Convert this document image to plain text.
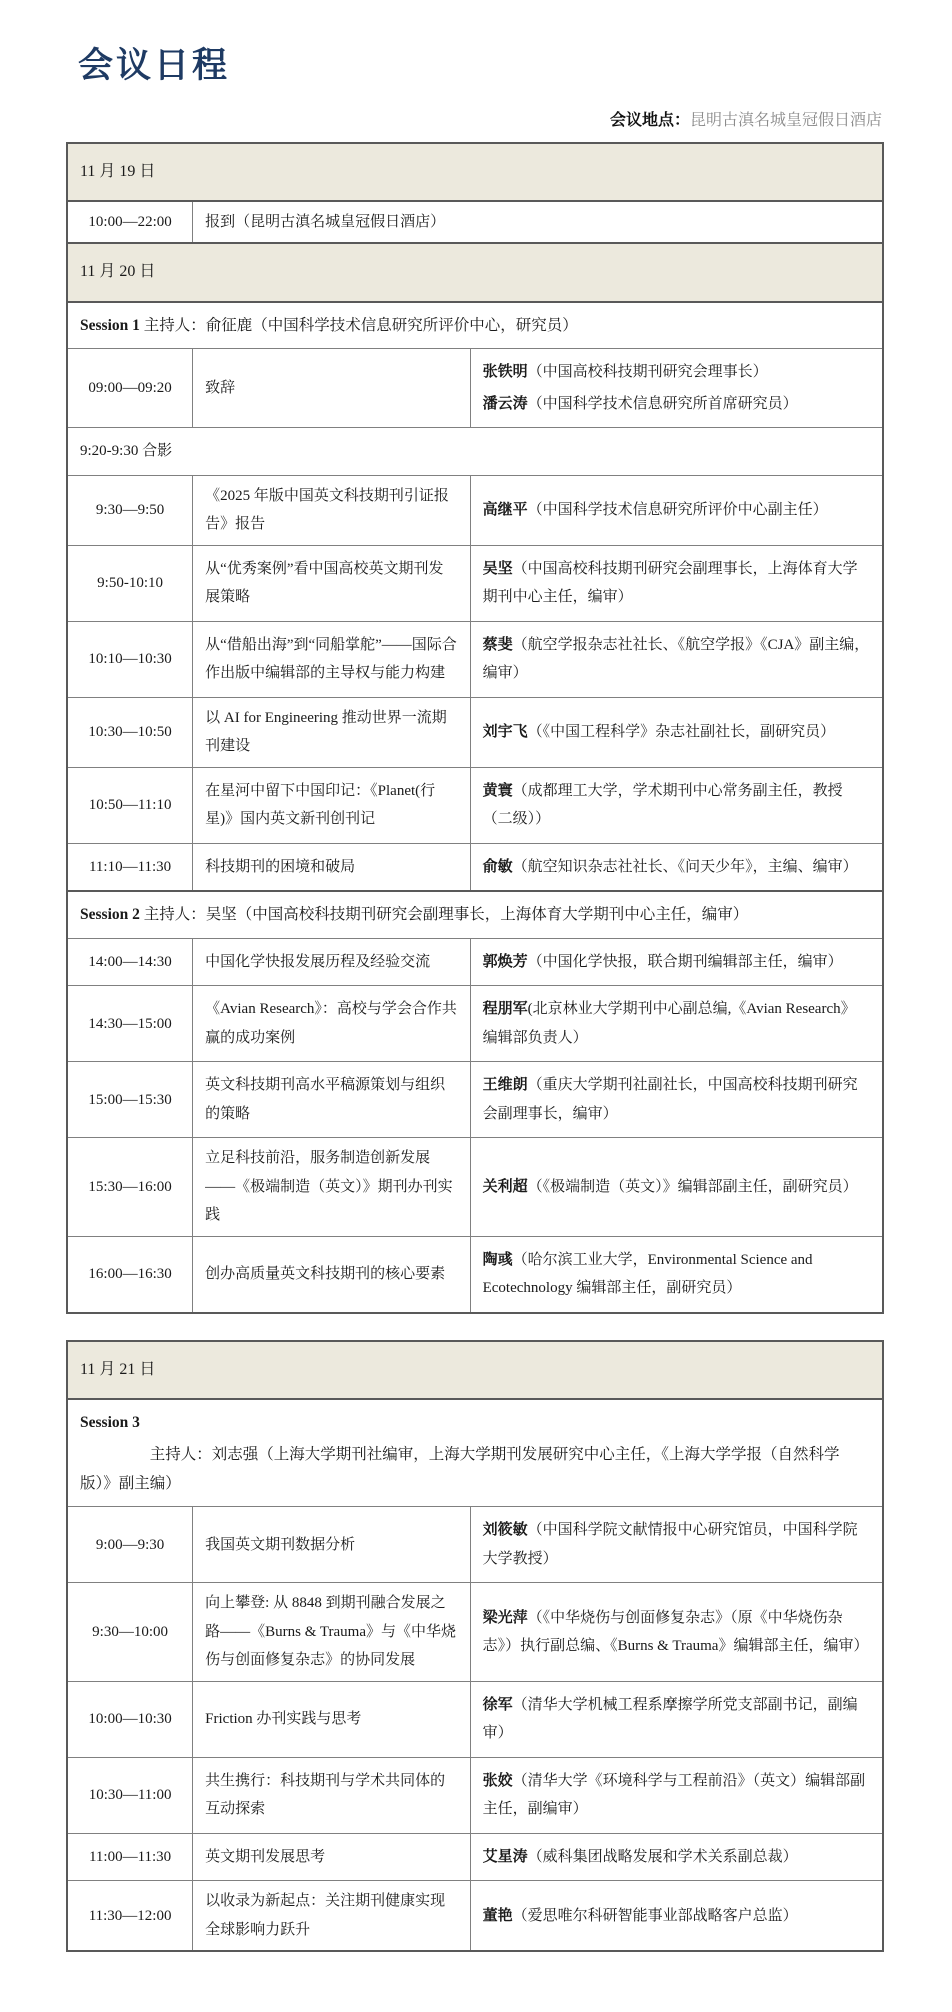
会议日程
会议地点：昆明古滇名城皇冠假日酒店
11 月 19 日		
10:00—22:00	报到（昆明古滇名城皇冠假日酒店）	
11 月 20 日		
Session 1 主持人：俞征鹿（中国科学技术信息研究所评价中心，研究员）		
09:00—09:20	致辞	张铁明（中国高校科技期刊研究会理事长）

潘云涛（中国科学技术信息研究所首席研究员）

9:20-9:30 合影		
9:30—9:50	《2025 年版中国英文科技期刊引证报告》报告	高继平（中国科学技术信息研究所评价中心副主任）

9:50-10:10	从“优秀案例”看中国高校英文期刊发展策略	吴坚（中国高校科技期刊研究会副理事长，上海体育大学期刊中心主任，编审）

10:10—10:30	从“借船出海”到“同船掌舵”——国际合作出版中编辑部的主导权与能力构建	蔡斐（航空学报杂志社社长、《航空学报》《CJA》副主编，编审）

10:30—10:50	以 AI for Engineering 推动世界一流期刊建设	刘宇飞（《中国工程科学》杂志社副社长，副研究员）

10:50—11:10	在星河中留下中国印记：《Planet(行星)》国内英文新刊创刊记	黄寰（成都理工大学，学术期刊中心常务副主任，教授（二级））

11:10—11:30	科技期刊的困境和破局	俞敏（航空知识杂志社社长、《问天少年》，主编、编审）

Session 2 主持人：吴坚（中国高校科技期刊研究会副理事长，上海体育大学期刊中心主任，编审）		
14:00—14:30	中国化学快报发展历程及经验交流	郭焕芳（中国化学快报，联合期刊编辑部主任，编审）

14:30—15:00	《Avian Research》：高校与学会合作共赢的成功案例	程朋军(北京林业大学期刊中心副总编,《Avian Research》编辑部负责人）

15:00—15:30	英文科技期刊高水平稿源策划与组织的策略	王维朗（重庆大学期刊社副社长，中国高校科技期刊研究会副理事长，编审）

15:30—16:00	立足科技前沿，服务制造创新发展——《极端制造（英文）》期刊办刊实践	关利超（《极端制造（英文）》编辑部副主任，副研究员）

16:00—16:30	创办高质量英文科技期刊的核心要素	陶彧（哈尔滨工业大学，Environmental Science and Ecotechnology 编辑部主任，副研究员）

11 月 21 日		
Session 3

主持人：刘志强（上海大学期刊社编审，上海大学期刊发展研究中心主任，《上海大学学报（自然科学版）》副主编）		

9:00—9:30	我国英文期刊数据分析	刘筱敏（中国科学院文献情报中心研究馆员，中国科学院大学教授）

9:30—10:00	向上攀登: 从 8848 到期刊融合发展之路——《Burns & Trauma》与《中华烧伤与创面修复杂志》的协同发展	梁光萍（《中华烧伤与创面修复杂志》（原《中华烧伤杂志》）执行副总编、《Burns & Trauma》编辑部主任，编审）

10:00—10:30	Friction 办刊实践与思考	徐军（清华大学机械工程系摩擦学所党支部副书记，副编审）

10:30—11:00	共生携行：科技期刊与学术共同体的互动探索	张姣（清华大学《环境科学与工程前沿》（英文）编辑部副主任，副编审）

11:00—11:30	英文期刊发展思考	艾星涛（威科集团战略发展和学术关系副总裁）

11:30—12:00	以收录为新起点：关注期刊健康实现全球影响力跃升	董艳（爱思唯尔科研智能事业部战略客户总监）
